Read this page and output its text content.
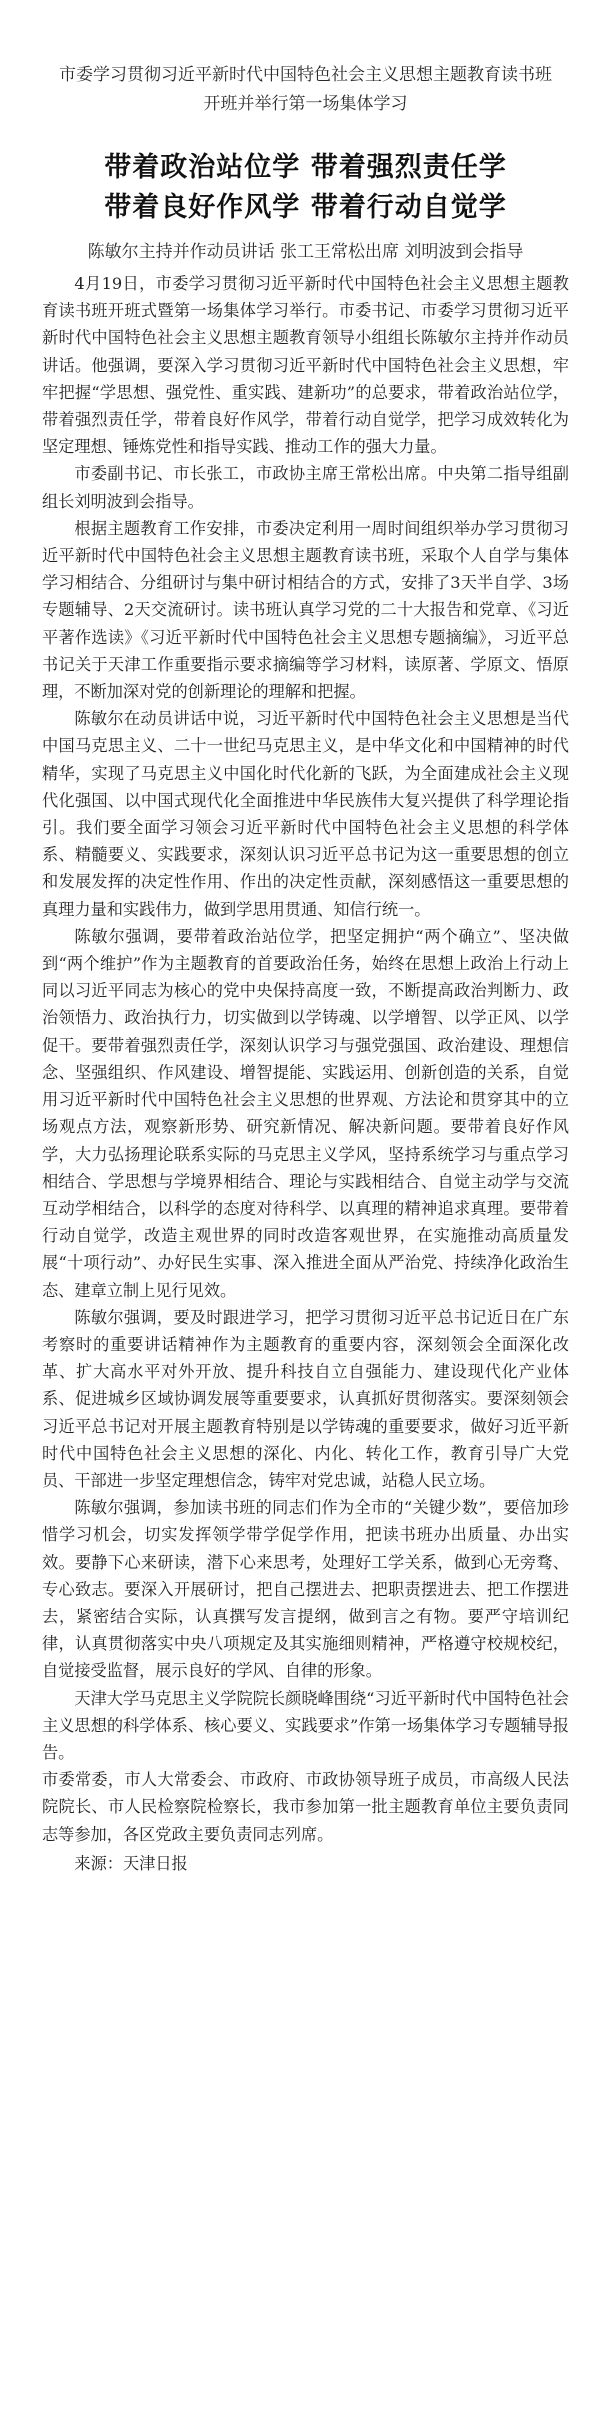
市委学习贯彻习近平新时代中国特色社会主义思想主题教育读书班

开班并举行第一场集体学习

带着政治站位学 带着强烈责任学
带着良好作风学 带着行动自觉学

陈敏尔主持并作动员讲话 张工王常松出席 刘明波到会指导

4月19日，市委学习贯彻习近平新时代中国特色社会主义思想主题教育读书班开班式暨第一场集体学习举行。市委书记、市委学习贯彻习近平新时代中国特色社会主义思想主题教育领导小组组长陈敏尔主持并作动员讲话。他强调，要深入学习贯彻习近平新时代中国特色社会主义思想，牢牢把握“学思想、强党性、重实践、建新功”的总要求，带着政治站位学，带着强烈责任学，带着良好作风学，带着行动自觉学，把学习成效转化为坚定理想、锤炼党性和指导实践、推动工作的强大力量。

市委副书记、市长张工，市政协主席王常松出席。中央第二指导组副组长刘明波到会指导。

根据主题教育工作安排，市委决定利用一周时间组织举办学习贯彻习近平新时代中国特色社会主义思想主题教育读书班，采取个人自学与集体学习相结合、分组研讨与集中研讨相结合的方式，安排了3天半自学、3场专题辅导、2天交流研讨。读书班认真学习党的二十大报告和党章、《习近平著作选读》《习近平新时代中国特色社会主义思想专题摘编》，习近平总书记关于天津工作重要指示要求摘编等学习材料，读原著、学原文、悟原理，不断加深对党的创新理论的理解和把握。

陈敏尔在动员讲话中说，习近平新时代中国特色社会主义思想是当代中国马克思主义、二十一世纪马克思主义，是中华文化和中国精神的时代精华，实现了马克思主义中国化时代化新的飞跃，为全面建成社会主义现代化强国、以中国式现代化全面推进中华民族伟大复兴提供了科学理论指引。我们要全面学习领会习近平新时代中国特色社会主义思想的科学体系、精髓要义、实践要求，深刻认识习近平总书记为这一重要思想的创立和发展发挥的决定性作用、作出的决定性贡献，深刻感悟这一重要思想的真理力量和实践伟力，做到学思用贯通、知信行统一。

陈敏尔强调，要带着政治站位学，把坚定拥护“两个确立”、坚决做到“两个维护”作为主题教育的首要政治任务，始终在思想上政治上行动上同以习近平同志为核心的党中央保持高度一致，不断提高政治判断力、政治领悟力、政治执行力，切实做到以学铸魂、以学增智、以学正风、以学促干。要带着强烈责任学，深刻认识学习与强党强国、政治建设、理想信念、坚强组织、作风建设、增智提能、实践运用、创新创造的关系，自觉用习近平新时代中国特色社会主义思想的世界观、方法论和贯穿其中的立场观点方法，观察新形势、研究新情况、解决新问题。要带着良好作风学，大力弘扬理论联系实际的马克思主义学风，坚持系统学习与重点学习相结合、学思想与学境界相结合、理论与实践相结合、自觉主动学与交流互动学相结合，以科学的态度对待科学、以真理的精神追求真理。要带着行动自觉学，改造主观世界的同时改造客观世界，在实施推动高质量发展“十项行动”、办好民生实事、深入推进全面从严治党、持续净化政治生态、建章立制上见行见效。

陈敏尔强调，要及时跟进学习，把学习贯彻习近平总书记近日在广东考察时的重要讲话精神作为主题教育的重要内容，深刻领会全面深化改革、扩大高水平对外开放、提升科技自立自强能力、建设现代化产业体系、促进城乡区域协调发展等重要要求，认真抓好贯彻落实。要深刻领会习近平总书记对开展主题教育特别是以学铸魂的重要要求，做好习近平新时代中国特色社会主义思想的深化、内化、转化工作，教育引导广大党员、干部进一步坚定理想信念，铸牢对党忠诚，站稳人民立场。

陈敏尔强调，参加读书班的同志们作为全市的“关键少数”，要倍加珍惜学习机会，切实发挥领学带学促学作用，把读书班办出质量、办出实效。要静下心来研读，潜下心来思考，处理好工学关系，做到心无旁骛、专心致志。要深入开展研讨，把自己摆进去、把职责摆进去、把工作摆进去，紧密结合实际，认真撰写发言提纲，做到言之有物。要严守培训纪律，认真贯彻落实中央八项规定及其实施细则精神，严格遵守校规校纪，自觉接受监督，展示良好的学风、自律的形象。

天津大学马克思主义学院院长颜晓峰围绕“习近平新时代中国特色社会主义思想的科学体系、核心要义、实践要求”作第一场集体学习专题辅导报告。

市委常委，市人大常委会、市政府、市政协领导班子成员，市高级人民法院院长、市人民检察院检察长，我市参加第一批主题教育单位主要负责同志等参加，各区党政主要负责同志列席。

来源：天津日报
